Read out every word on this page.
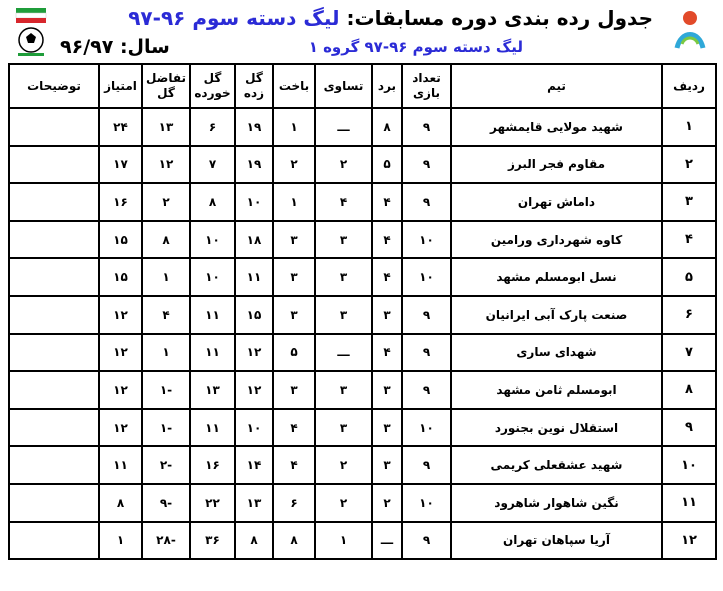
جدول رده بندی دوره مسابقات: لیگ دسته سوم ۹۶-۹۷
لیگ دسته سوم ۹۶-۹۷ گروه ۱
سال: ۹۶/۹۷
ردیف	تیم	تعداد بازی	برد	تساوی	باخت	گل زده	گل خورده	تفاضل گل	امتیاز	توضیحات
۱	شهید مولایی قایمشهر	۹	۸	ـــ	۱	۱۹	۶	۱۳	۲۴	
۲	مقاوم فجر البرز	۹	۵	۲	۲	۱۹	۷	۱۲	۱۷	
۳	داماش تهران	۹	۴	۴	۱	۱۰	۸	۲	۱۶	
۴	کاوه شهرداری ورامین	۱۰	۴	۳	۳	۱۸	۱۰	۸	۱۵	
۵	نسل ابومسلم مشهد	۱۰	۴	۳	۳	۱۱	۱۰	۱	۱۵	
۶	صنعت پارک آبی ایرانیان	۹	۳	۳	۳	۱۵	۱۱	۴	۱۲	
۷	شهدای ساری	۹	۴	ـــ	۵	۱۲	۱۱	۱	۱۲	
۸	ابومسلم ثامن مشهد	۹	۳	۳	۳	۱۲	۱۳	-۱	۱۲	
۹	استقلال نوین بجنورد	۱۰	۳	۳	۴	۱۰	۱۱	-۱	۱۲	
۱۰	شهید عشقعلی کریمی	۹	۳	۲	۴	۱۴	۱۶	-۲	۱۱	
۱۱	نگین شاهوار شاهرود	۱۰	۲	۲	۶	۱۳	۲۲	-۹	۸	
۱۲	آریا سپاهان تهران	۹	ـــ	۱	۸	۸	۳۶	-۲۸	۱	
